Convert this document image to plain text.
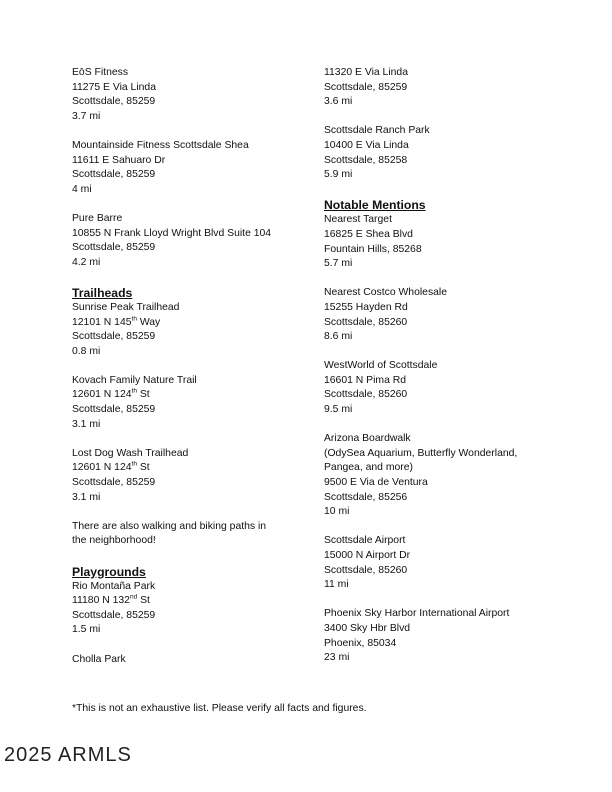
EōS Fitness
11275 E Via Linda
Scottsdale, 85259
3.7 mi
Mountainside Fitness Scottsdale Shea
11611 E Sahuaro Dr
Scottsdale, 85259
4 mi
Pure Barre
10855 N Frank Lloyd Wright Blvd Suite 104
Scottsdale, 85259
4.2 mi
Trailheads
Sunrise Peak Trailhead
12101 N 145th Way
Scottsdale, 85259
0.8 mi
Kovach Family Nature Trail
12601 N 124th St
Scottsdale, 85259
3.1 mi
Lost Dog Wash Trailhead
12601 N 124th St
Scottsdale, 85259
3.1 mi
There are also walking and biking paths in
the neighborhood!
Playgrounds
Rio Montaña Park
11180 N 132nd St
Scottsdale, 85259
1.5 mi
Cholla Park
11320 E Via Linda
Scottsdale, 85259
3.6 mi
Scottsdale Ranch Park
10400 E Via Linda
Scottsdale, 85258
5.9 mi
Notable Mentions
Nearest Target
16825 E Shea Blvd
Fountain Hills, 85268
5.7 mi
Nearest Costco Wholesale
15255 Hayden Rd
Scottsdale, 85260
8.6 mi
WestWorld of Scottsdale
16601 N Pima Rd
Scottsdale, 85260
9.5 mi
Arizona Boardwalk
(OdySea Aquarium, Butterfly Wonderland,
Pangea, and more)
9500 E Via de Ventura
Scottsdale, 85256
10 mi
Scottsdale Airport
15000 N Airport Dr
Scottsdale, 85260
11 mi
Phoenix Sky Harbor International Airport
3400 Sky Hbr Blvd
Phoenix, 85034
23 mi
*This is not an exhaustive list. Please verify all facts and figures.
2025 ARMLS
